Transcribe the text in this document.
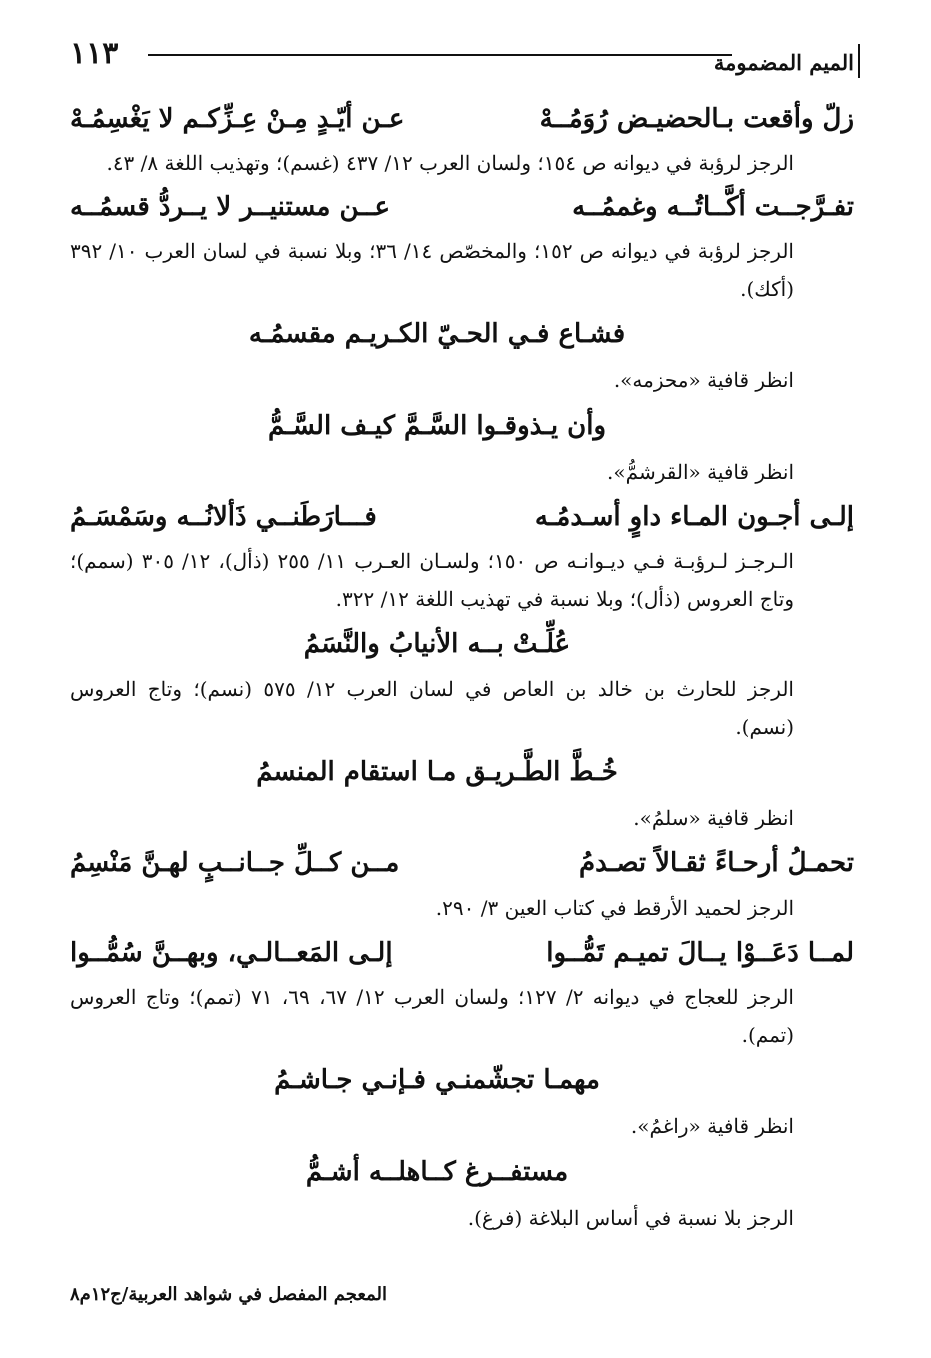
١١٣	الميم المضمومة
زلّ وأقعت بـالحضيـض رُوَمُــهْ
عـن أيّـدٍ مِـنْ عِـزِّكـم لا يَغْسِمُـهْ
الرجز لرؤبة في ديوانه ص ١٥٤؛ ولسان العرب ١٢/ ٤٣٧ (غسم)؛ وتهذيب اللغة ٨/ ٤٣.
تفـرَّجــت أكَّــاتُــه وغممُــه
عــن مستنيــر لا يــردُّ قسمُــه
الرجز لرؤبة في ديوانه ص ١٥٢؛ والمخصّص ١٤/ ٣٦؛ وبلا نسبة في لسان العرب ١٠/ ٣٩٢ (أكك).
فشـاع فـي الحـيّ الكـريـم مقسمُـه
انظر قافية «محزمه».
وأن يـذوقـوا السَّـمَّ كيـف السَّـمُّ
انظر قافية «القرشمُّ».
إلـى أجـون المـاء داوٍ أسـدمُـه
فـــارَطَنــي ذَألانُــه وسَمْسَـمُ
الـرجـز لـرؤبـة فـي ديـوانـه ص ١٥٠؛ ولسـان العـرب ١١/ ٢٥٥ (ذأل)، ١٢/ ٣٠٥ (سمم)؛ وتاج العروس (ذأل)؛ وبلا نسبة في تهذيب اللغة ١٢/ ٣٢٢.
عُلِّـتْ بــه الأنيابُ والنَّسَمُ
الرجز للحارث بن خالد بن العاص في لسان العرب ١٢/ ٥٧٥ (نسم)؛ وتاج العروس (نسم).
خُـطَّ الطَّـريـق مـا استقام المنسمُ
انظر قافية «سلمُ».
تحمـلُ أرحـاءً ثقـالاً تصـدمُ
مــن كــلِّ جــانــبٍ لهـنَّ مَنْسِمُ
الرجز لحميد الأرقط في كتاب العين ٣/ ٢٩٠.
لمــا دَعَــوْا يــالَ تميـم تَمُّــوا
إلـى المَعــالـي، وبهــنَّ سُمُّــوا
الرجز للعجاج في ديوانه ٢/ ١٢٧؛ ولسان العرب ١٢/ ٦٧، ٦٩، ٧١ (تمم)؛ وتاج العروس (تمم).
مهمـا تجشّمنـي فـإنـي جـاشـمُ
انظر قافية «راغمُ».
مستفــرغ كــاهلــه أشـمُّ
الرجز بلا نسبة في أساس البلاغة (فرغ).
المعجم المفصل في شواهد العربية/ج١٢م٨
